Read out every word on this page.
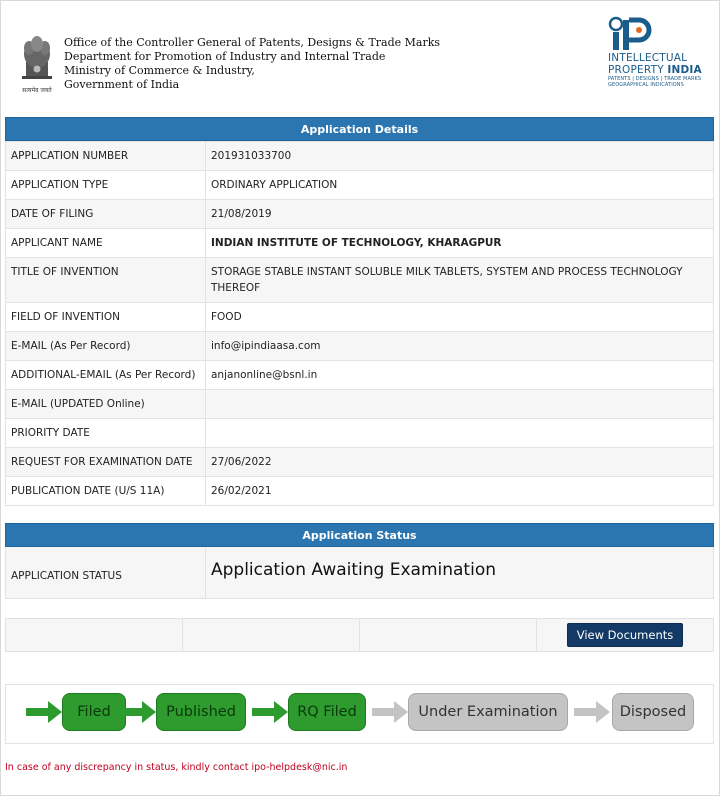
सत्यमेव जयते
Office of the Controller General of Patents, Designs & Trade Marks
Department for Promotion of Industry and Internal Trade
Ministry of Commerce & Industry,
Government of India
INTELLECTUAL
PROPERTY INDIA
PATENTS | DESIGNS | TRADE MARKS
GEOGRAPHICAL INDICATIONS
Application Details
APPLICATION NUMBER	201931033700
APPLICATION TYPE	ORDINARY APPLICATION
DATE OF FILING	21/08/2019
APPLICANT NAME	INDIAN INSTITUTE OF TECHNOLOGY, KHARAGPUR
TITLE OF INVENTION	STORAGE STABLE INSTANT SOLUBLE MILK TABLETS, SYSTEM AND PROCESS TECHNOLOGY THEREOF
FIELD OF INVENTION	FOOD
E-MAIL (As Per Record)	info@ipindiaasa.com
ADDITIONAL-EMAIL (As Per Record)	anjanonline@bsnl.in
E-MAIL (UPDATED Online)	
PRIORITY DATE	
REQUEST FOR EXAMINATION DATE	27/06/2022
PUBLICATION DATE (U/S 11A)	26/02/2021
Application Status
APPLICATION STATUS	Application Awaiting Examination
View Documents
Filed	Published	RQ Filed	Under Examination	Disposed
In case of any discrepancy in status, kindly contact ipo-helpdesk@nic.in
